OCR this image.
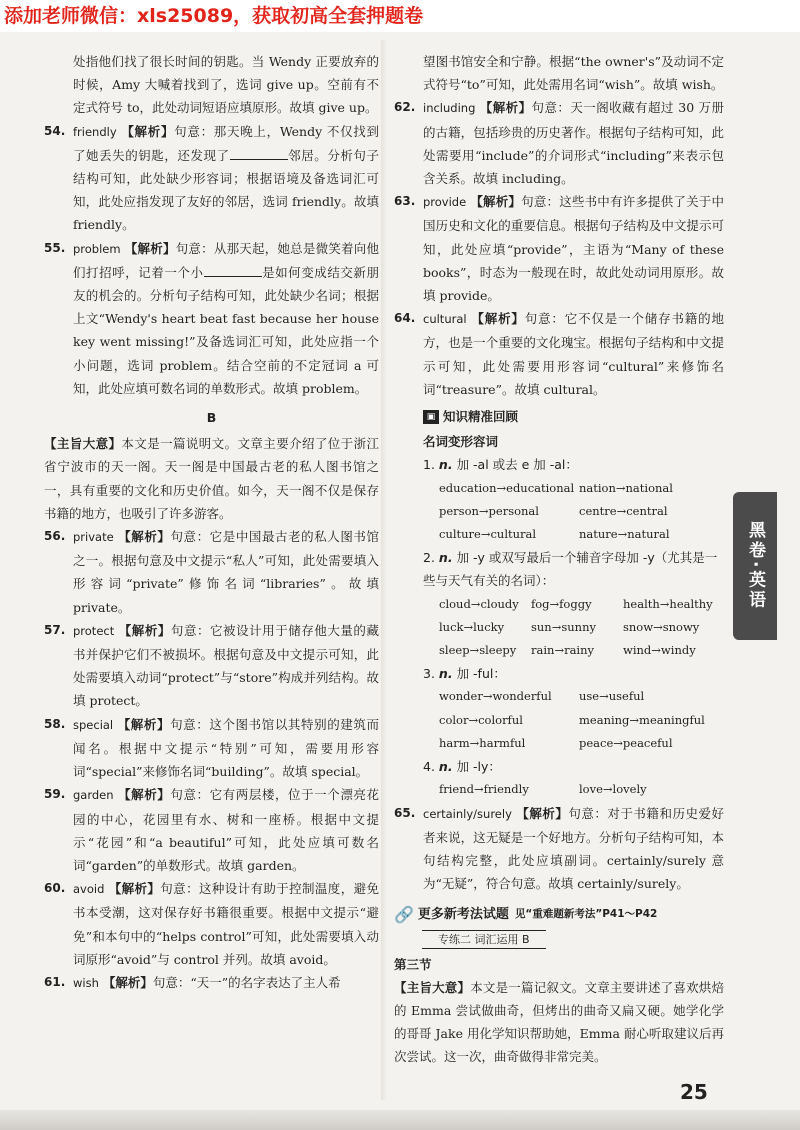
添加老师微信：xls25089，获取初高全套押题卷
处指他们找了很长时间的钥匙。当 Wendy 正要放弃的时候，Amy 大喊着找到了，选词 give up。空前有不定式符号 to，此处动词短语应填原形。故填 give up。
54. friendly 【解析】句意：那天晚上，Wendy 不仅找到了她丢失的钥匙，还发现了	邻居。分析句子结构可知，此处缺少形容词；根据语境及备选词汇可知，此处应指发现了友好的邻居，选词 friendly。故填 friendly。
55. problem 【解析】句意：从那天起，她总是微笑着向他们打招呼，记着一个小	是如何变成结交新朋友的机会的。分析句子结构可知，此处缺少名词；根据上文“Wendy's heart beat fast because her house key went missing!”及备选词汇可知，此处应指一个小问题，选词 problem。结合空前的不定冠词 a 可知，此处应填可数名词的单数形式。故填 problem。
B
【主旨大意】本文是一篇说明文。文章主要介绍了位于浙江省宁波市的天一阁。天一阁是中国最古老的私人图书馆之一，具有重要的文化和历史价值。如今，天一阁不仅是保存书籍的地方，也吸引了许多游客。
56. private 【解析】句意：它是中国最古老的私人图书馆之一。根据句意及中文提示“私人”可知，此处需要填入形容词“private”修饰名词“libraries”。故填 private。
57. protect 【解析】句意：它被设计用于储存他大量的藏书并保护它们不被损坏。根据句意及中文提示可知，此处需要填入动词“protect”与“store”构成并列结构。故填 protect。
58. special 【解析】句意：这个图书馆以其特别的建筑而闻名。根据中文提示“特别”可知，需要用形容词“special”来修饰名词“building”。故填 special。
59. garden 【解析】句意：它有两层楼，位于一个漂亮花园的中心，花园里有水、树和一座桥。根据中文提示“花园”和“a beautiful”可知，此处应填可数名词“garden”的单数形式。故填 garden。
60. avoid 【解析】句意：这种设计有助于控制温度，避免书本受潮，这对保存好书籍很重要。根据中文提示“避免”和本句中的“helps control”可知，此处需要填入动词原形“avoid”与 control 并列。故填 avoid。
61. wish 【解析】句意：“天一”的名字表达了主人希
望图书馆安全和宁静。根据“the owner's”及动词不定式符号“to”可知，此处需用名词“wish”。故填 wish。
62. including 【解析】句意：天一阁收藏有超过 30 万册的古籍，包括珍贵的历史著作。根据句子结构可知，此处需要用“include”的介词形式“including”来表示包含关系。故填 including。
63. provide 【解析】句意：这些书中有许多提供了关于中国历史和文化的重要信息。根据句子结构及中文提示可知，此处应填“provide”，主语为“Many of these books”，时态为一般现在时，故此处动词用原形。故填 provide。
64. cultural 【解析】句意：它不仅是一个储存书籍的地方，也是一个重要的文化瑰宝。根据句子结构和中文提示可知，此处需要用形容词“cultural”来修饰名词“treasure”。故填 cultural。
▣ 知识精准回顾
名词变形容词
1. n. 加 -al 或去 e 加 -al：
education→educational nation→national
person→personal	centre→central
culture→cultural	nature→natural
2. n. 加 -y 或双写最后一个辅音字母加 -y（尤其是一些与天气有关的名词）：
cloud→cloudy	fog→foggy	health→healthy
luck→lucky	sun→sunny	snow→snowy
sleep→sleepy	rain→rainy	wind→windy
3. n. 加 -ful：
wonder→wonderful	use→useful
color→colorful	meaning→meaningful
harm→harmful	peace→peaceful
4. n. 加 -ly：
friend→friendly	love→lovely
65. certainly/surely 【解析】句意：对于书籍和历史爱好者来说，这无疑是一个好地方。分析句子结构可知，本句结构完整，此处应填副词。certainly/surely 意为“无疑”，符合句意。故填 certainly/surely。
🔗 更多新考法试题 见“重难题新考法”P41～P42
专练二 词汇运用 B
第三节
【主旨大意】本文是一篇记叙文。文章主要讲述了喜欢烘焙的 Emma 尝试做曲奇，但烤出的曲奇又扁又硬。她学化学的哥哥 Jake 用化学知识帮助她，Emma 耐心听取建议后再次尝试。这一次，曲奇做得非常完美。
黑卷·英语
25
